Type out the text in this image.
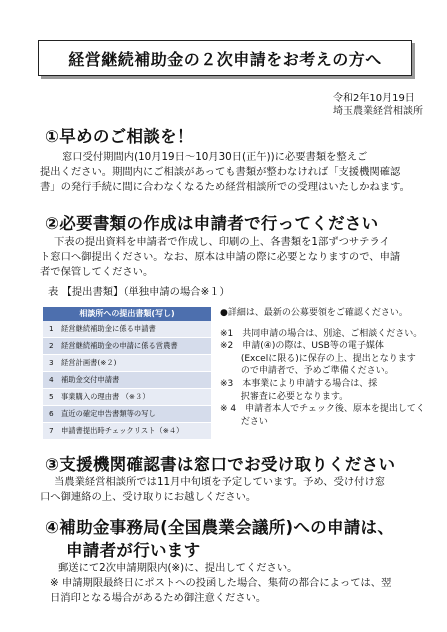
経営継続補助金の２次申請をお考えの方へ
令和2年10月19日
埼玉農業経営相談所
①早めのご相談を！
窓口受付期間内(10月19日～10月30日(正午))に必要書類を整えご
提出ください。期間内にご相談があっても書類が整わなければ「支援機関確認
書」の発行手続に間に合わなくなるため経営相談所での受理はいたしかねます。
②必要書類の作成は申請者で行ってください
下表の提出資料を申請者で作成し、印刷の上、各書類を1部ずつサテライ
ト窓口へ御提出ください。なお、原本は申請の際に必要となりますので、申請
者で保管してください。
表 【提出書類】（単独申請の場合※１）
相談所への提出書類(写し)
1　経営継続補助金に係る申請書
2　経営継続補助金の申請に係る営農書
3　経営計画書(※２)
4　補助金交付申請書
5　事業購入の理由書 （※３）
6　直近の確定申告書類等の写し
7　申請書提出時チェックリスト（※４）
●詳細は、最新の公募要領をご確認ください。
※1　共同申請の場合は、別途、ご相談ください。
※2　申請(④)の際は、USB等の電子媒体
　　 (Excelに限る)に保存の上、提出となります
　　 ので申請者で、予めご準備ください。
※3　本事業により申請する場合は、採
　　 択審査に必要となります。
※ 4　申請者本人でチェック後、原本を提出してく
　　 ださい
③支援機関確認書は窓口でお受け取りください
当農業経営相談所では11月中旬頃を予定しています。予め、受け付け窓
口へ御連絡の上、受け取りにお越しください。
④補助金事務局(全国農業会議所)への申請は、
申請者が行います
郵送にて2次申請期限内(※)に、提出してください。
※ 申請期限最終日にポストへの投函した場合、集荷の都合によっては、翌
日消印となる場合があるため御注意ください。
